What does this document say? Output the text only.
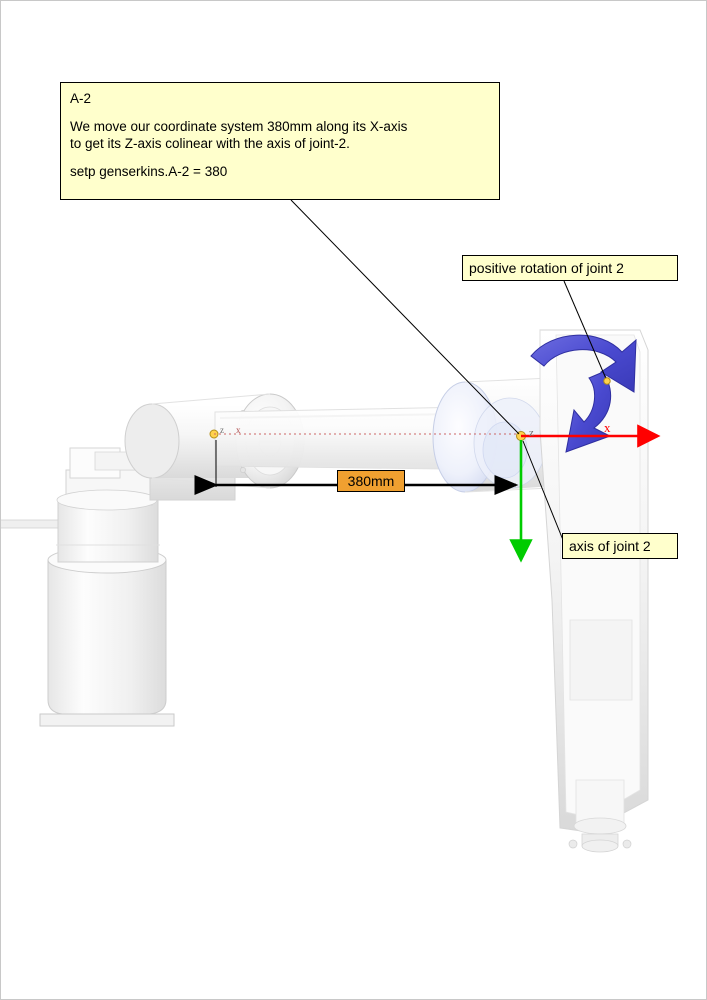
A-2
We move our coordinate system 380mm along its X-axis
to get its Z-axis colinear with the axis of joint-2.
setp genserkins.A-2 = 380
positive rotation of joint 2
axis of joint 2
380mm
z x	z	x
